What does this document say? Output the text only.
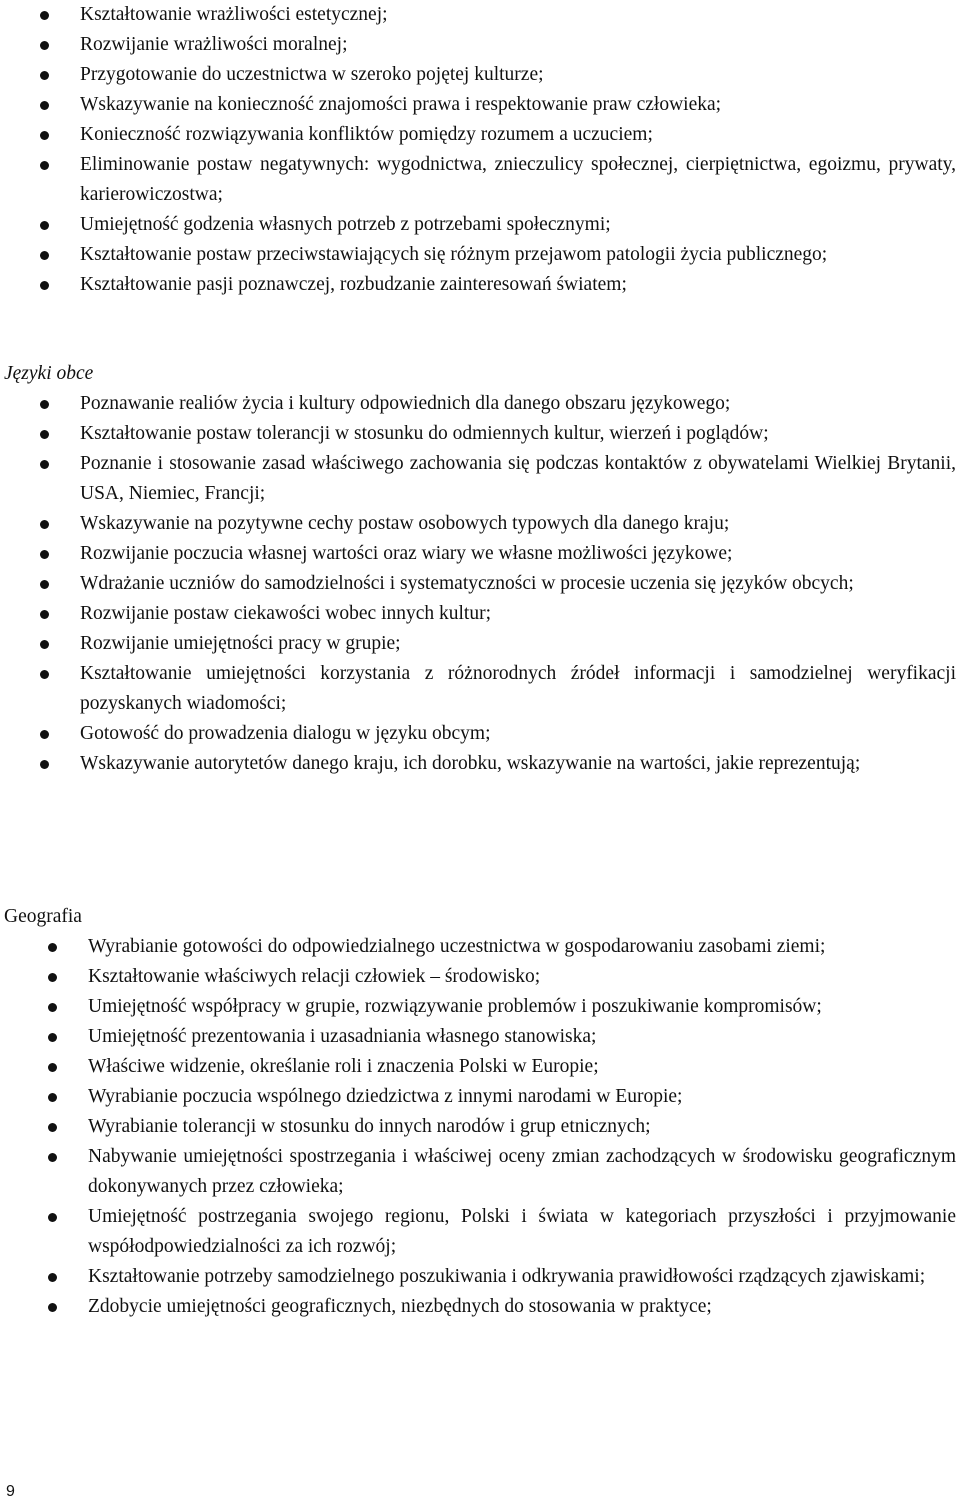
Kształtowanie wrażliwości estetycznej;
Rozwijanie wrażliwości moralnej;
Przygotowanie do uczestnictwa w szeroko pojętej kulturze;
Wskazywanie na konieczność znajomości prawa i respektowanie praw człowieka;
Konieczność rozwiązywania konfliktów pomiędzy rozumem a uczuciem;
Eliminowanie postaw negatywnych: wygodnictwa, znieczulicy społecznej, cierpiętnictwa, egoizmu, prywaty, karierowiczostwa;
Umiejętność godzenia własnych potrzeb z potrzebami społecznymi;
Kształtowanie postaw przeciwstawiających się różnym przejawom patologii życia publicznego;
Kształtowanie pasji poznawczej, rozbudzanie zainteresowań światem;
Języki obce
Poznawanie realiów życia i kultury odpowiednich dla danego obszaru językowego;
Kształtowanie postaw tolerancji w stosunku do odmiennych kultur, wierzeń i poglądów;
Poznanie i stosowanie zasad właściwego zachowania się podczas kontaktów z obywatelami Wielkiej Brytanii, USA, Niemiec, Francji;
Wskazywanie na pozytywne cechy postaw osobowych typowych dla danego kraju;
Rozwijanie poczucia własnej wartości oraz wiary we własne możliwości językowe;
Wdrażanie uczniów do samodzielności i systematyczności w procesie uczenia się języków obcych;
Rozwijanie postaw ciekawości wobec innych kultur;
Rozwijanie umiejętności pracy w grupie;
Kształtowanie umiejętności korzystania z różnorodnych źródeł informacji i samodzielnej weryfikacji pozyskanych wiadomości;
Gotowość do prowadzenia dialogu w języku obcym;
Wskazywanie autorytetów danego kraju, ich dorobku, wskazywanie na wartości, jakie reprezentują;
Geografia
Wyrabianie gotowości do odpowiedzialnego uczestnictwa w gospodarowaniu zasobami ziemi;
Kształtowanie właściwych relacji człowiek – środowisko;
Umiejętność współpracy w grupie, rozwiązywanie problemów i poszukiwanie kompromisów;
Umiejętność prezentowania i uzasadniania własnego stanowiska;
Właściwe widzenie, określanie roli i znaczenia Polski w Europie;
Wyrabianie poczucia wspólnego dziedzictwa z innymi narodami w Europie;
Wyrabianie tolerancji w stosunku do innych narodów i grup etnicznych;
Nabywanie umiejętności spostrzegania i właściwej oceny zmian zachodzących w środowisku geograficznym dokonywanych przez człowieka;
Umiejętność postrzegania swojego regionu, Polski i świata w kategoriach przyszłości i przyjmowanie współodpowiedzialności za ich rozwój;
Kształtowanie potrzeby samodzielnego poszukiwania i odkrywania prawidłowości rządzących zjawiskami;
Zdobycie umiejętności geograficznych, niezbędnych do stosowania w praktyce;
9
